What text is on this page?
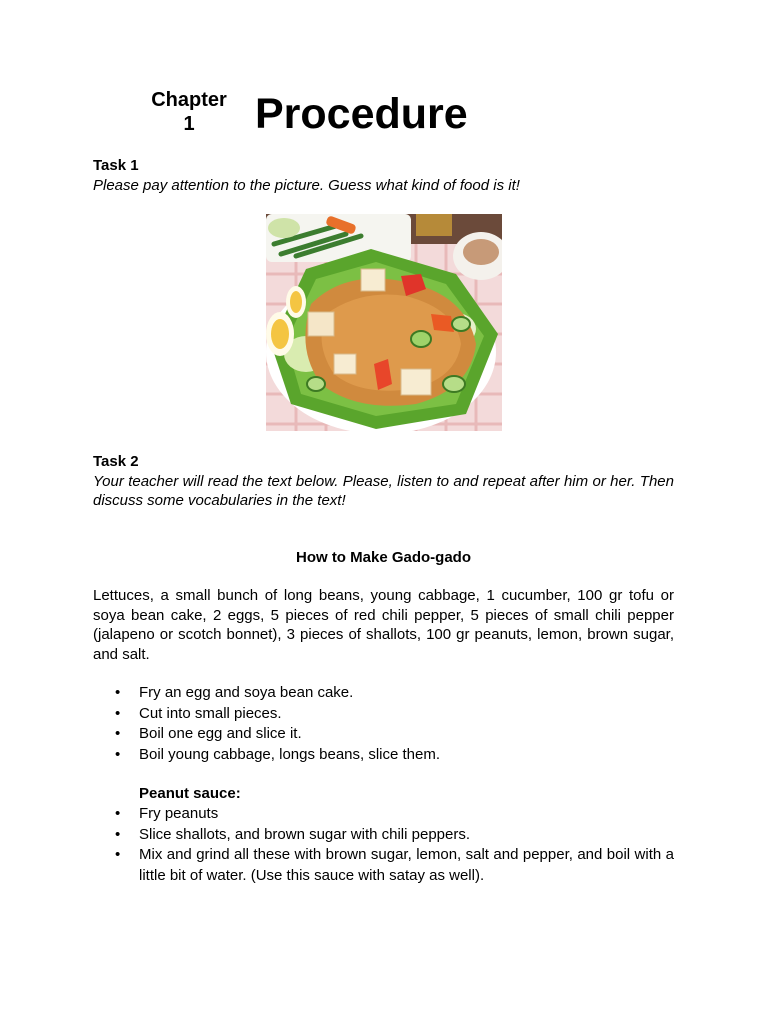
Chapter
1	Procedure
Task 1
Please pay attention to the picture. Guess what kind of food is it!
Task 2
Your teacher will read the text below. Please, listen to and repeat after him or her. Then discuss some vocabularies in the text!
How to Make Gado-gado
Lettuces, a small bunch of long beans, young cabbage, 1 cucumber, 100 gr tofu or soya bean cake, 2 eggs, 5 pieces of red chili pepper, 5 pieces of small chili pepper (jalapeno or scotch bonnet), 3 pieces of shallots, 100 gr peanuts, lemon, brown sugar, and salt.
• Fry an egg and soya bean cake.
• Cut into small pieces.
• Boil one egg and slice it.
• Boil young cabbage, longs beans, slice them.
Peanut sauce:
• Fry peanuts
• Slice shallots, and brown sugar with chili peppers.
• Mix and grind all these with brown sugar, lemon, salt and pepper, and boil with a little bit of water. (Use this sauce with satay as well).
